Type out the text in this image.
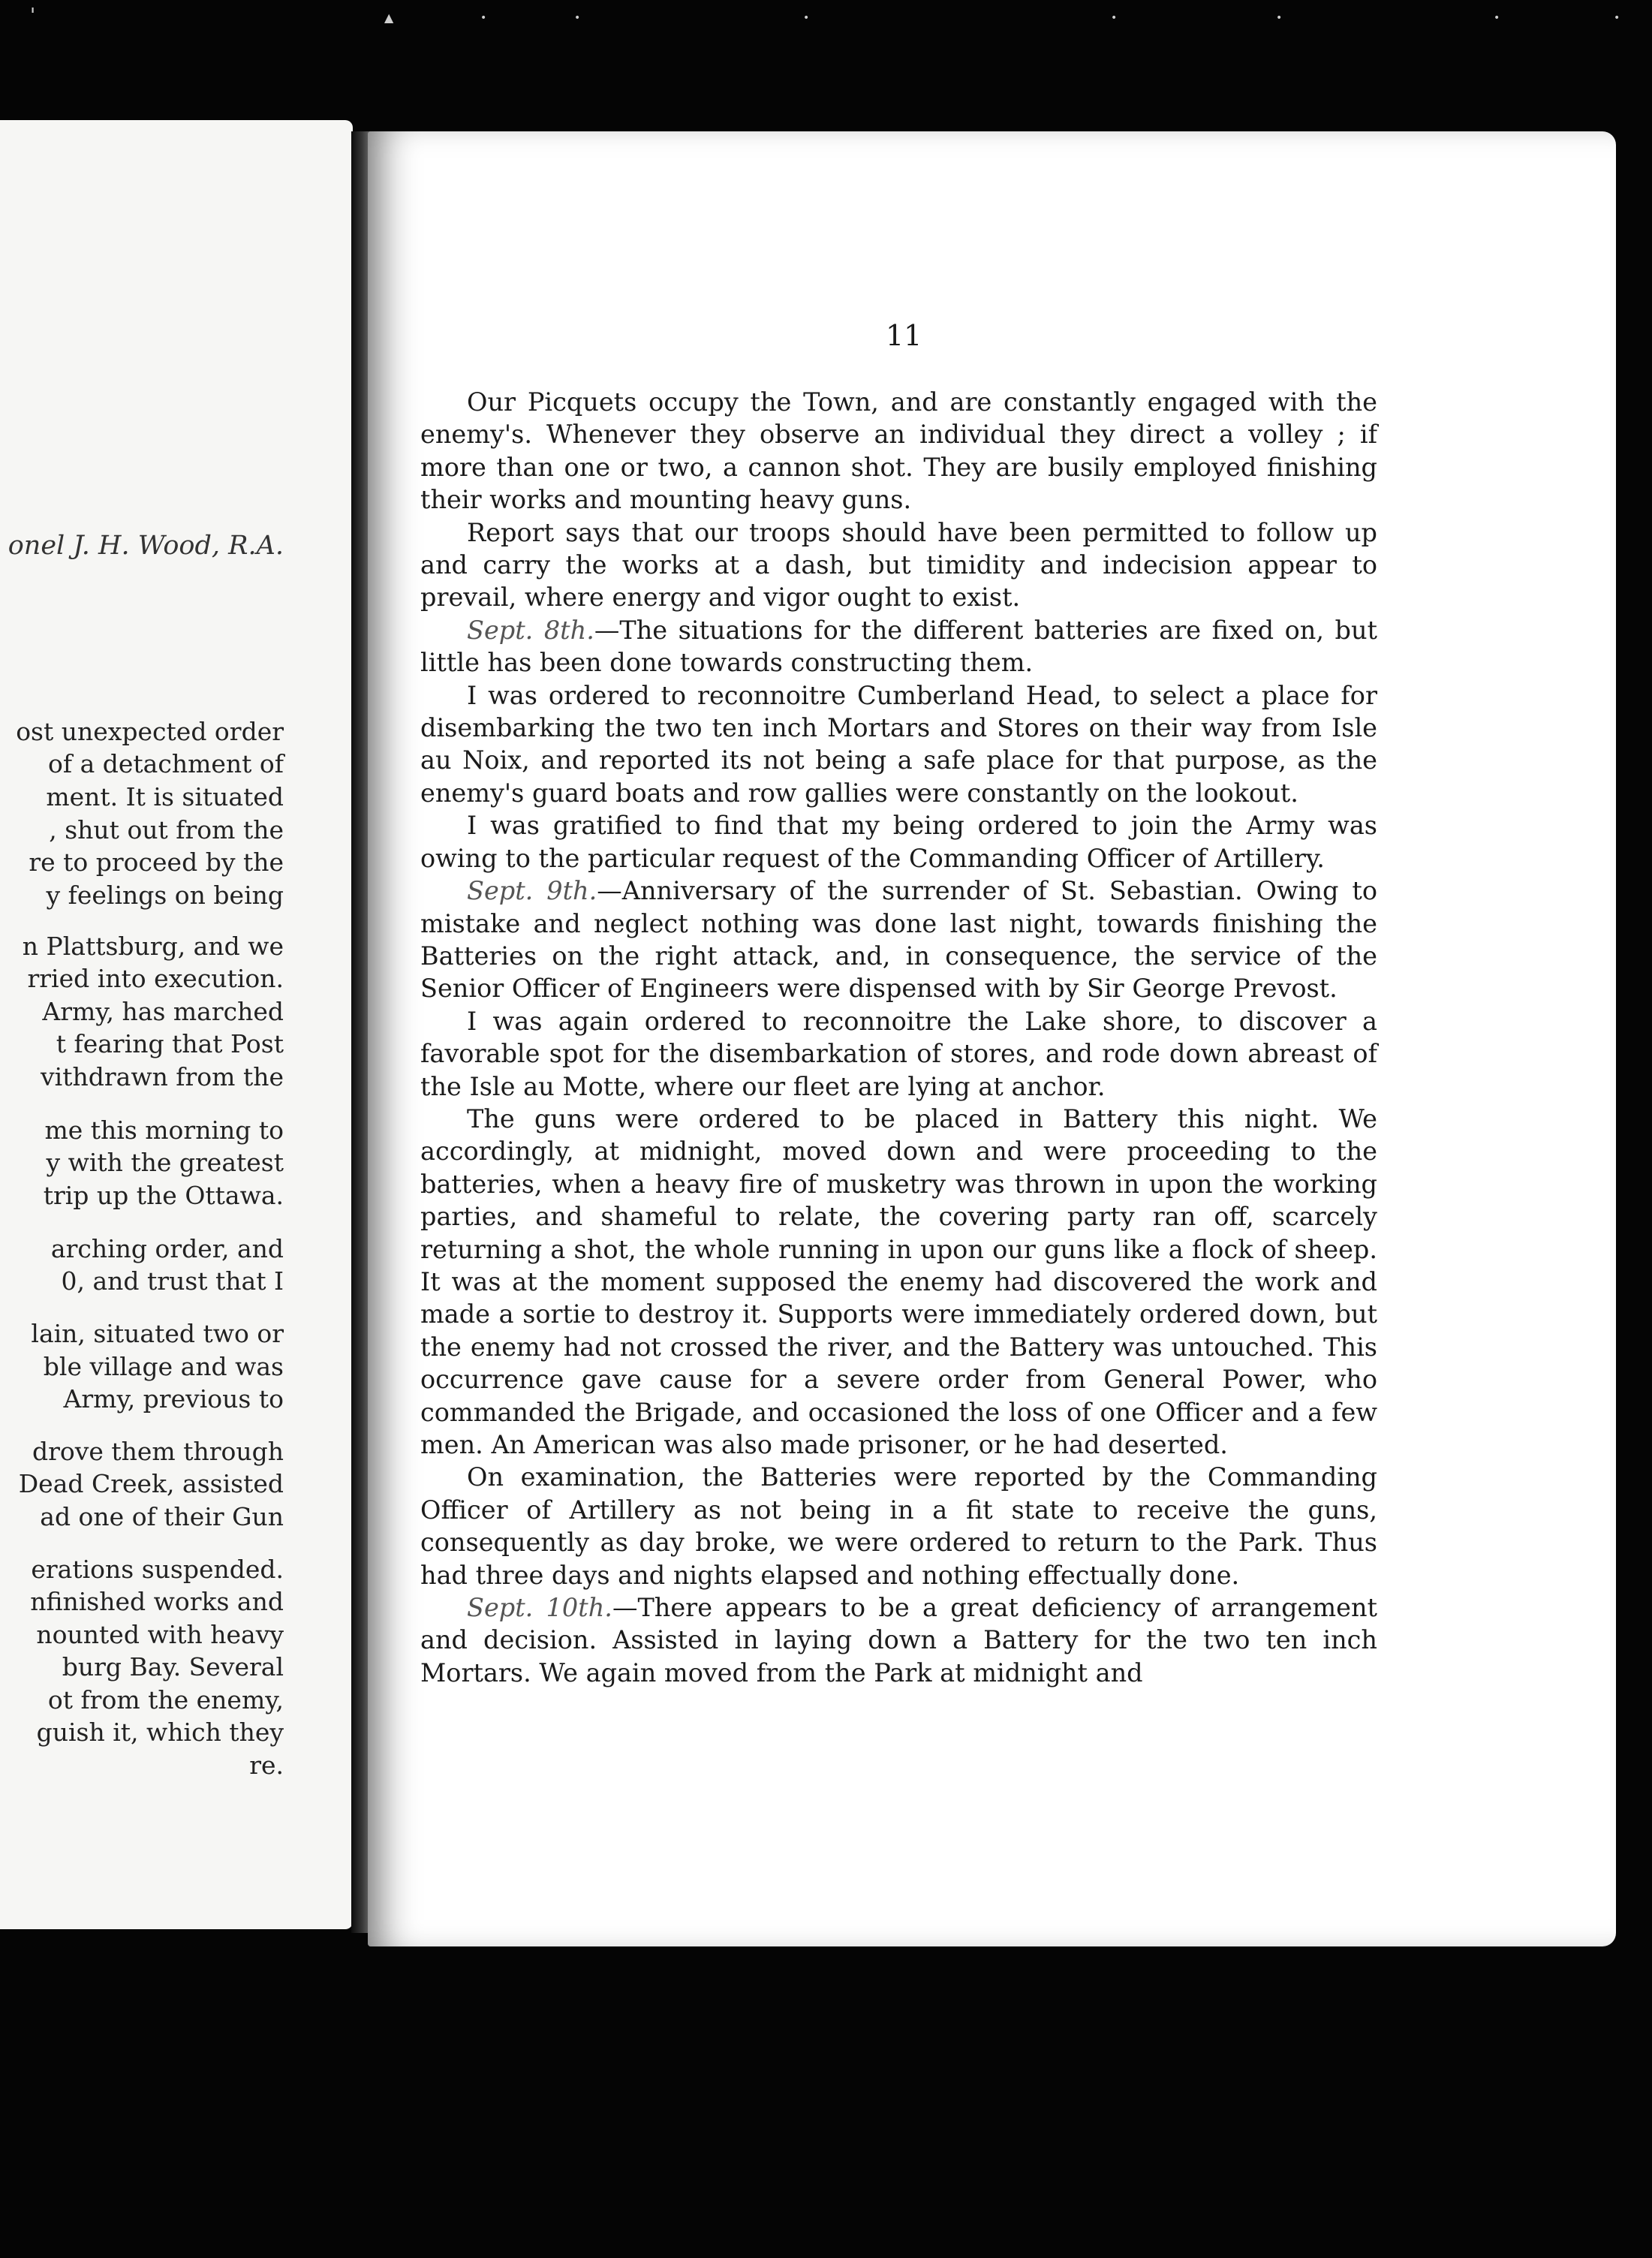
'	▲	•	•	•	•	•	•	•
onel J. H. Wood, R.A.
ost unexpected order
of a detachment of
ment. It is situated
, shut out from the
re to proceed by the
y feelings on being
n Plattsburg, and we
rried into execution.
Army, has marched
t fearing that Post
vithdrawn from the
me this morning to
y with the greatest
trip up the Ottawa.
arching order, and
0, and trust that I
lain, situated two or
ble village and was
Army, previous to
drove them through
Dead Creek, assisted
ad one of their Gun
erations suspended.
nfinished works and
nounted with heavy
burg Bay. Several
ot from the enemy,
guish it, which they
re.
11

Our Picquets occupy the Town, and are constantly engaged with the enemy's. Whenever they observe an individual they direct a volley ; if more than one or two, a cannon shot. They are busily employed finishing their works and mounting heavy guns.

Report says that our troops should have been permitted to follow up and carry the works at a dash, but timidity and indecision appear to prevail, where energy and vigor ought to exist.

Sept. 8th.—The situations for the different batteries are fixed on, but little has been done towards constructing them.

I was ordered to reconnoitre Cumberland Head, to select a place for disembarking the two ten inch Mortars and Stores on their way from Isle au Noix, and reported its not being a safe place for that purpose, as the enemy's guard boats and row gallies were constantly on the lookout.

I was gratified to find that my being ordered to join the Army was owing to the particular request of the Commanding Officer of Artillery.

Sept. 9th.—Anniversary of the surrender of St. Sebastian. Owing to mistake and neglect nothing was done last night, towards finishing the Batteries on the right attack, and, in consequence, the service of the Senior Officer of Engineers were dispensed with by Sir George Prevost.

I was again ordered to reconnoitre the Lake shore, to discover a favorable spot for the disembarkation of stores, and rode down abreast of the Isle au Motte, where our fleet are lying at anchor.

The guns were ordered to be placed in Battery this night. We accordingly, at midnight, moved down and were proceeding to the batteries, when a heavy fire of musketry was thrown in upon the working parties, and shameful to relate, the covering party ran off, scarcely returning a shot, the whole running in upon our guns like a flock of sheep. It was at the moment supposed the enemy had discovered the work and made a sortie to destroy it. Supports were immediately ordered down, but the enemy had not crossed the river, and the Battery was untouched. This occurrence gave cause for a severe order from General Power, who commanded the Brigade, and occasioned the loss of one Officer and a few men. An American was also made prisoner, or he had deserted.

On examination, the Batteries were reported by the Commanding Officer of Artillery as not being in a fit state to receive the guns, consequently as day broke, we were ordered to return to the Park. Thus had three days and nights elapsed and nothing effectually done.

Sept. 10th.—There appears to be a great deficiency of arrangement and decision. Assisted in laying down a Battery for the two ten inch Mortars. We again moved from the Park at midnight and
